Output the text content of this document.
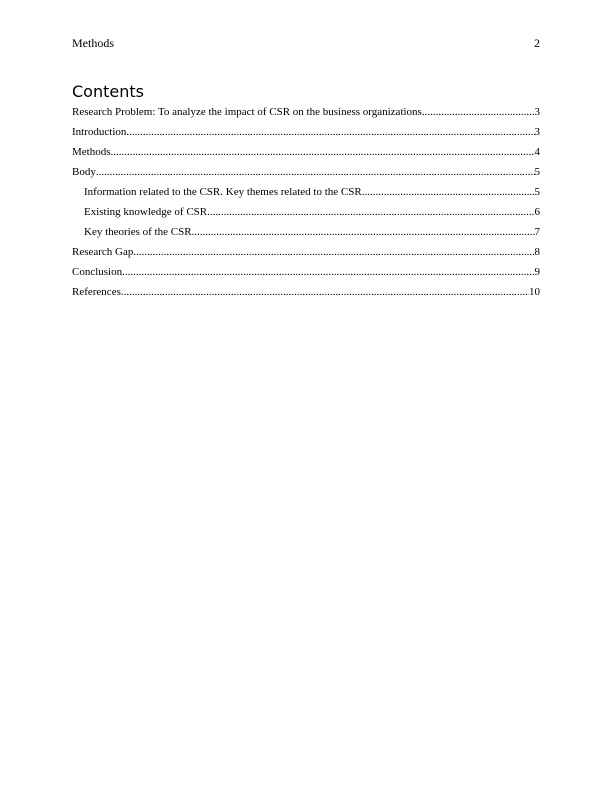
Methods	2
Contents
Research Problem: To analyze the impact of CSR on the business organizations .....	3
Introduction .....	3
Methods .....	4
Body .....	5
Information related to the CSR. Key themes related to the CSR .....	5
Existing knowledge of CSR .....	6
Key theories of the CSR .....	7
Research Gap .....	8
Conclusion .....	9
References .....	10
